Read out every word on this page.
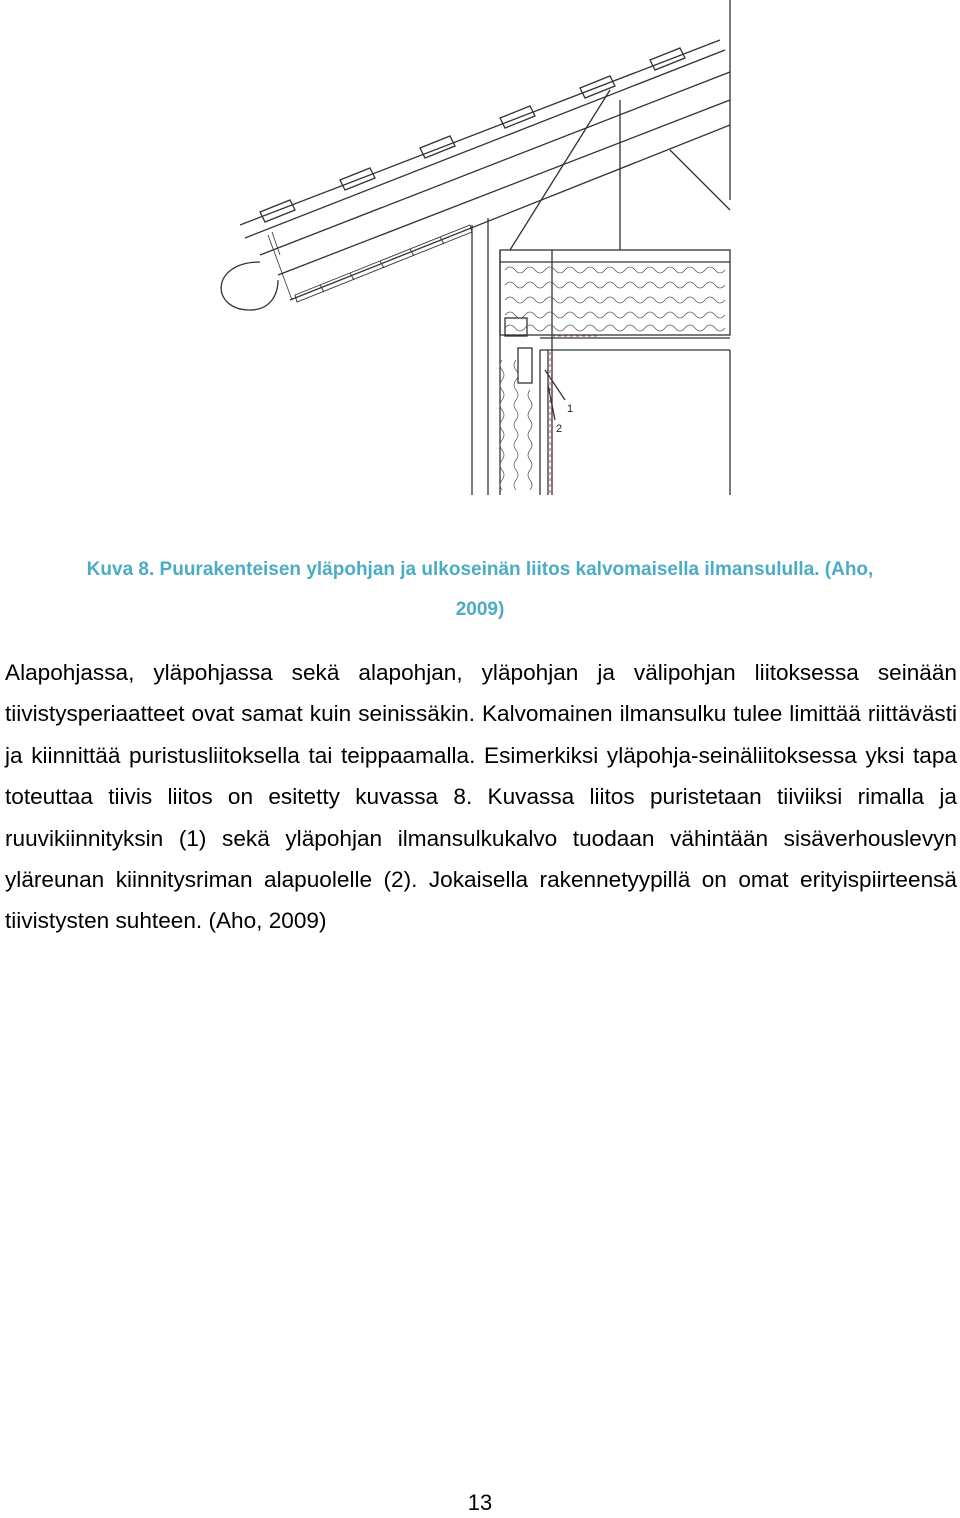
1
2
Kuva 8. Puurakenteisen yläpohjan ja ulkoseinän liitos kalvomaisella ilmansululla. (Aho,
2009)
Alapohjassa, yläpohjassa sekä alapohjan, yläpohjan ja välipohjan liitoksessa seinään tiivistysperiaatteet ovat samat kuin seinissäkin. Kalvomainen ilmansulku tulee limittää riittävästi ja kiinnittää puristusliitoksella tai teippaamalla. Esimerkiksi yläpohja-seinäliitoksessa yksi tapa toteuttaa tiivis liitos on esitetty kuvassa 8. Kuvassa liitos puristetaan tiiviiksi rimalla ja ruuvikiinnityksin (1) sekä yläpohjan ilmansulkukalvo tuodaan vähintään sisäverhouslevyn yläreunan kiinnitysriman alapuolelle (2). Jokaisella rakennetyypillä on omat erityispiirteensä tiivistysten suhteen. (Aho, 2009)
13
